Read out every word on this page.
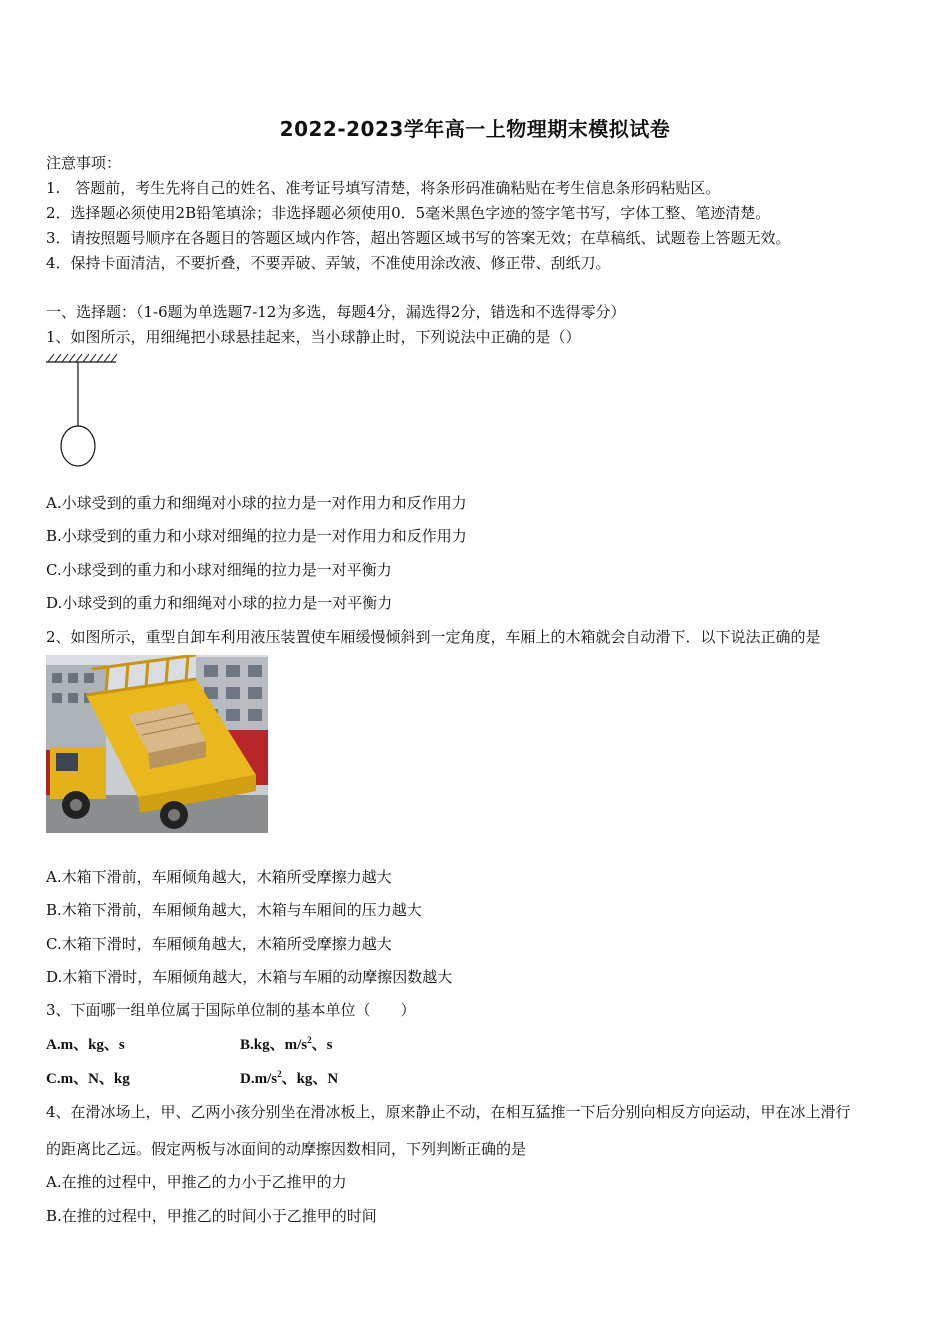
2022-2023学年高一上物理期末模拟试卷
注意事项：
1.　答题前，考生先将自己的姓名、准考证号填写清楚，将条形码准确粘贴在考生信息条形码粘贴区。
2．选择题必须使用2B铅笔填涂；非选择题必须使用0．5毫米黑色字迹的签字笔书写，字体工整、笔迹清楚。
3．请按照题号顺序在各题目的答题区域内作答，超出答题区域书写的答案无效；在草稿纸、试题卷上答题无效。
4．保持卡面清洁，不要折叠，不要弄破、弄皱，不准使用涂改液、修正带、刮纸刀。
一、选择题：（1-6题为单选题7-12为多选，每题4分，漏选得2分，错选和不选得零分）
1、如图所示，用细绳把小球悬挂起来，当小球静止时，下列说法中正确的是（）
A.小球受到的重力和细绳对小球的拉力是一对作用力和反作用力
B.小球受到的重力和小球对细绳的拉力是一对作用力和反作用力
C.小球受到的重力和小球对细绳的拉力是一对平衡力
D.小球受到的重力和细绳对小球的拉力是一对平衡力
2、如图所示，重型自卸车利用液压装置使车厢缓慢倾斜到一定角度，车厢上的木箱就会自动滑下．以下说法正确的是
A.木箱下滑前，车厢倾角越大，木箱所受摩擦力越大
B.木箱下滑前，车厢倾角越大，木箱与车厢间的压力越大
C.木箱下滑时，车厢倾角越大，木箱所受摩擦力越大
D.木箱下滑时，车厢倾角越大，木箱与车厢的动摩擦因数越大
3、下面哪一组单位属于国际单位制的基本单位（　　）
A.m、kg、s	B.kg、$m/s^2$、s
C.m、N、kg	$D.m/s^2$、kg、N
4、在滑冰场上，甲、乙两小孩分别坐在滑冰板上，原来静止不动，在相互猛推一下后分别向相反方向运动，甲在冰上滑行
的距离比乙远。假定两板与冰面间的动摩擦因数相同，下列判断正确的是
A.在推的过程中，甲推乙的力小于乙推甲的力
B.在推的过程中，甲推乙的时间小于乙推甲的时间
